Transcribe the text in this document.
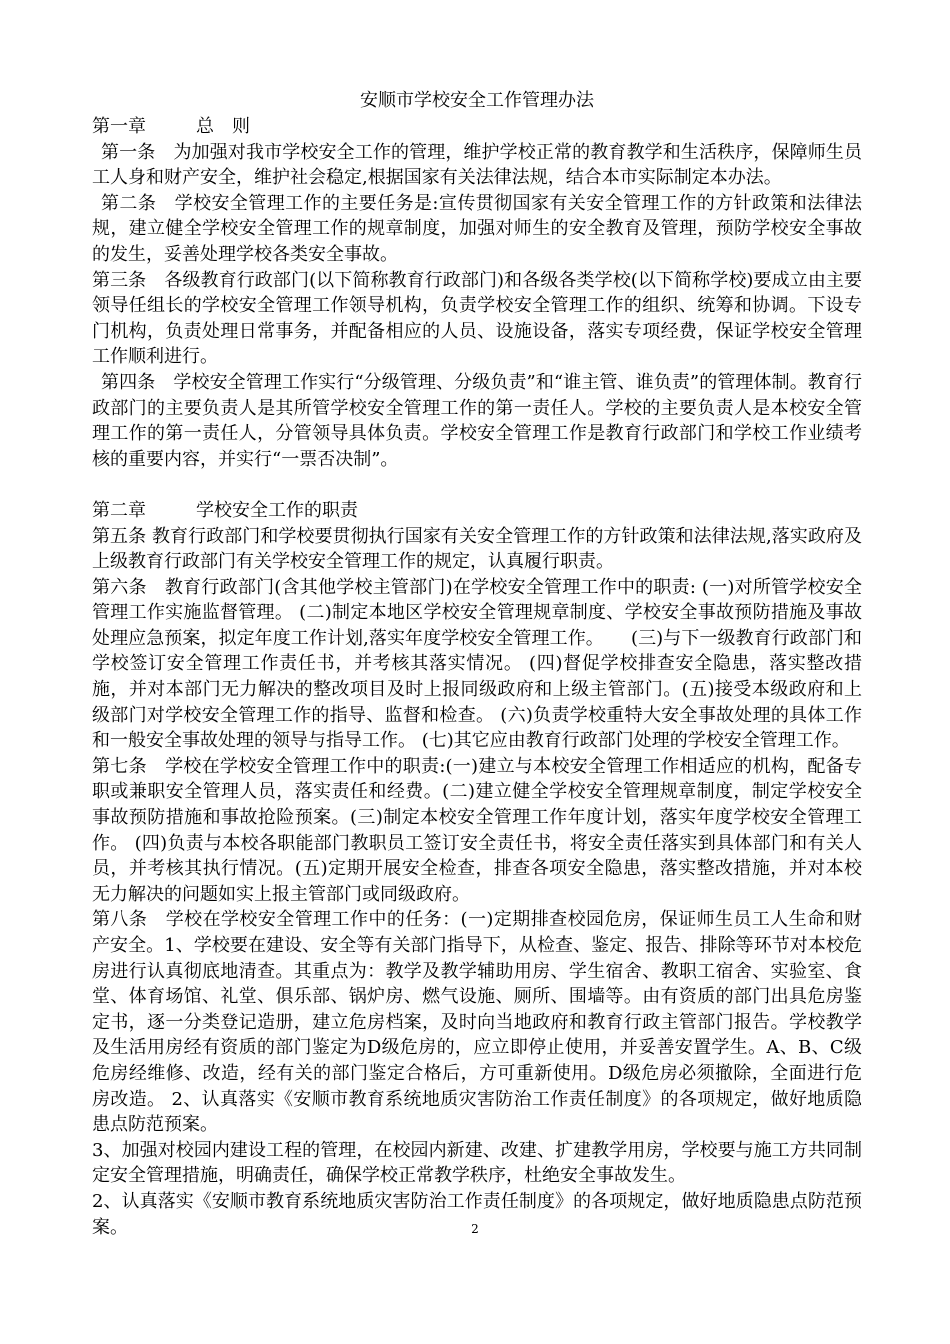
安顺市学校安全工作管理办法
第一章	总　则

第一条　为加强对我市学校安全工作的管理，维护学校正常的教育教学和生活秩序，保障师生员工人身和财产安全，维护社会稳定,根据国家有关法律法规，结合本市实际制定本办法。

第二条　学校安全管理工作的主要任务是:宣传贯彻国家有关安全管理工作的方针政策和法律法规，建立健全学校安全管理工作的规章制度，加强对师生的安全教育及管理，预防学校安全事故的发生，妥善处理学校各类安全事故。

第三条　各级教育行政部门(以下简称教育行政部门)和各级各类学校(以下简称学校)要成立由主要领导任组长的学校安全管理工作领导机构，负责学校安全管理工作的组织、统筹和协调。下设专门机构，负责处理日常事务，并配备相应的人员、设施设备，落实专项经费，保证学校安全管理工作顺利进行。

第四条　学校安全管理工作实行“分级管理、分级负责”和“谁主管、谁负责”的管理体制。教育行政部门的主要负责人是其所管学校安全管理工作的第一责任人。学校的主要负责人是本校安全管理工作的第一责任人，分管领导具体负责。学校安全管理工作是教育行政部门和学校工作业绩考核的重要内容，并实行“一票否决制”。

第二章	学校安全工作的职责

第五条 教育行政部门和学校要贯彻执行国家有关安全管理工作的方针政策和法律法规,落实政府及上级教育行政部门有关学校安全管理工作的规定，认真履行职责。

第六条　教育行政部门(含其他学校主管部门)在学校安全管理工作中的职责: (一)对所管学校安全管理工作实施监督管理。 (二)制定本地区学校安全管理规章制度、学校安全事故预防措施及事故处理应急预案，拟定年度工作计划,落实年度学校安全管理工作。　　(三)与下一级教育行政部门和学校签订安全管理工作责任书，并考核其落实情况。 (四)督促学校排查安全隐患，落实整改措施，并对本部门无力解决的整改项目及时上报同级政府和上级主管部门。(五)接受本级政府和上级部门对学校安全管理工作的指导、监督和检查。 (六)负责学校重特大安全事故处理的具体工作和一般安全事故处理的领导与指导工作。 (七)其它应由教育行政部门处理的学校安全管理工作。

第七条　学校在学校安全管理工作中的职责:(一)建立与本校安全管理工作相适应的机构，配备专职或兼职安全管理人员，落实责任和经费。(二)建立健全学校安全管理规章制度，制定学校安全事故预防措施和事故抢险预案。(三)制定本校安全管理工作年度计划，落实年度学校安全管理工作。 (四)负责与本校各职能部门教职员工签订安全责任书，将安全责任落实到具体部门和有关人员，并考核其执行情况。(五)定期开展安全检查，排查各项安全隐患，落实整改措施，并对本校无力解决的问题如实上报主管部门或同级政府。

第八条　学校在学校安全管理工作中的任务：(一)定期排查校园危房，保证师生员工人生命和财产安全。1、学校要在建设、安全等有关部门指导下，从检查、鉴定、报告、排除等环节对本校危房进行认真彻底地清查。其重点为：教学及教学辅助用房、学生宿舍、教职工宿舍、实验室、食堂、体育场馆、礼堂、俱乐部、锅炉房、燃气设施、厕所、围墙等。由有资质的部门出具危房鉴定书，逐一分类登记造册，建立危房档案，及时向当地政府和教育行政主管部门报告。学校教学及生活用房经有资质的部门鉴定为D级危房的，应立即停止使用，并妥善安置学生。A、B、C级危房经维修、改造，经有关的部门鉴定合格后，方可重新使用。D级危房必须撤除，全面进行危房改造。 2、认真落实《安顺市教育系统地质灾害防治工作责任制度》的各项规定，做好地质隐患点防范预案。

3、加强对校园内建设工程的管理，在校园内新建、改建、扩建教学用房，学校要与施工方共同制定安全管理措施，明确责任，确保学校正常教学秩序，杜绝安全事故发生。

2、认真落实《安顺市教育系统地质灾害防治工作责任制度》的各项规定，做好地质隐患点防范预案。	2
